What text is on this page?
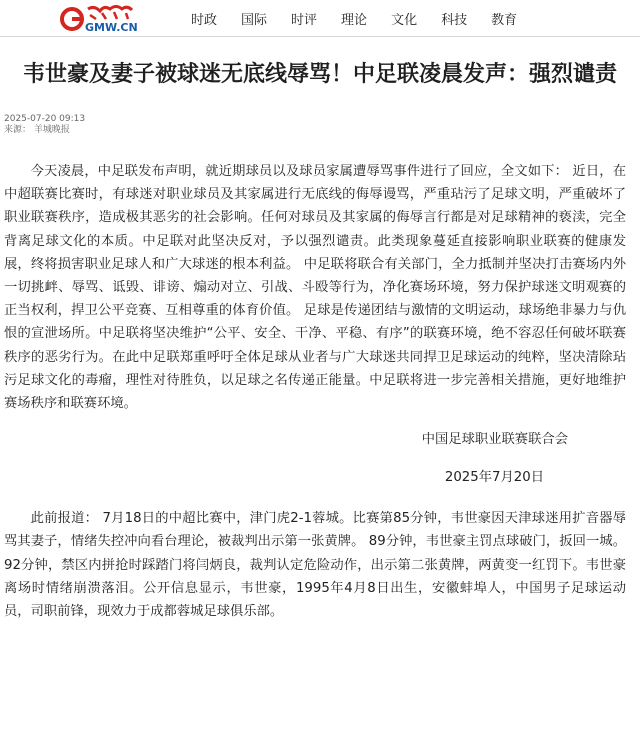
GMW.CN	时政 国际 时评 理论 文化 科技 教育
韦世豪及妻子被球迷无底线辱骂！中足联凌晨发声：强烈谴责
2025-07-20 09:13
来源： 羊城晚报

今天凌晨，中足联发布声明，就近期球员以及球员家属遭辱骂事件进行了回应，全文如下： 近日，在中超联赛比赛时，有球迷对职业球员及其家属进行无底线的侮辱谩骂，严重玷污了足球文明，严重破坏了职业联赛秩序，造成极其恶劣的社会影响。任何对球员及其家属的侮辱言行都是对足球精神的亵渎，完全背离足球文化的本质。中足联对此坚决反对，予以强烈谴责。此类现象蔓延直接影响职业联赛的健康发展，终将损害职业足球人和广大球迷的根本利益。 中足联将联合有关部门，全力抵制并坚决打击赛场内外一切挑衅、辱骂、诋毁、诽谤、煽动对立、引战、斗殴等行为，净化赛场环境，努力保护球迷文明观赛的正当权利，捍卫公平竞赛、互相尊重的体育价值。 足球是传递团结与激情的文明运动，球场绝非暴力与仇恨的宣泄场所。中足联将坚决维护“公平、安全、干净、平稳、有序”的联赛环境，绝不容忍任何破坏联赛秩序的恶劣行为。在此中足联郑重呼吁全体足球从业者与广大球迷共同捍卫足球运动的纯粹，坚决清除玷污足球文化的毒瘤，理性对待胜负，以足球之名传递正能量。中足联将进一步完善相关措施，更好地维护赛场秩序和联赛环境。

中国足球职业联赛联合会
2025年7月20日

此前报道： 7月18日的中超比赛中，津门虎2-1蓉城。比赛第85分钟，韦世豪因天津球迷用扩音器辱骂其妻子，情绪失控冲向看台理论，被裁判出示第一张黄牌。 89分钟，韦世豪主罚点球破门，扳回一城。92分钟，禁区内拼抢时踩踏门将闫炳良，裁判认定危险动作，出示第二张黄牌，两黄变一红罚下。韦世豪离场时情绪崩溃落泪。公开信息显示，韦世豪，1995年4月8日出生，安徽蚌埠人，中国男子足球运动员，司职前锋，现效力于成都蓉城足球俱乐部。
